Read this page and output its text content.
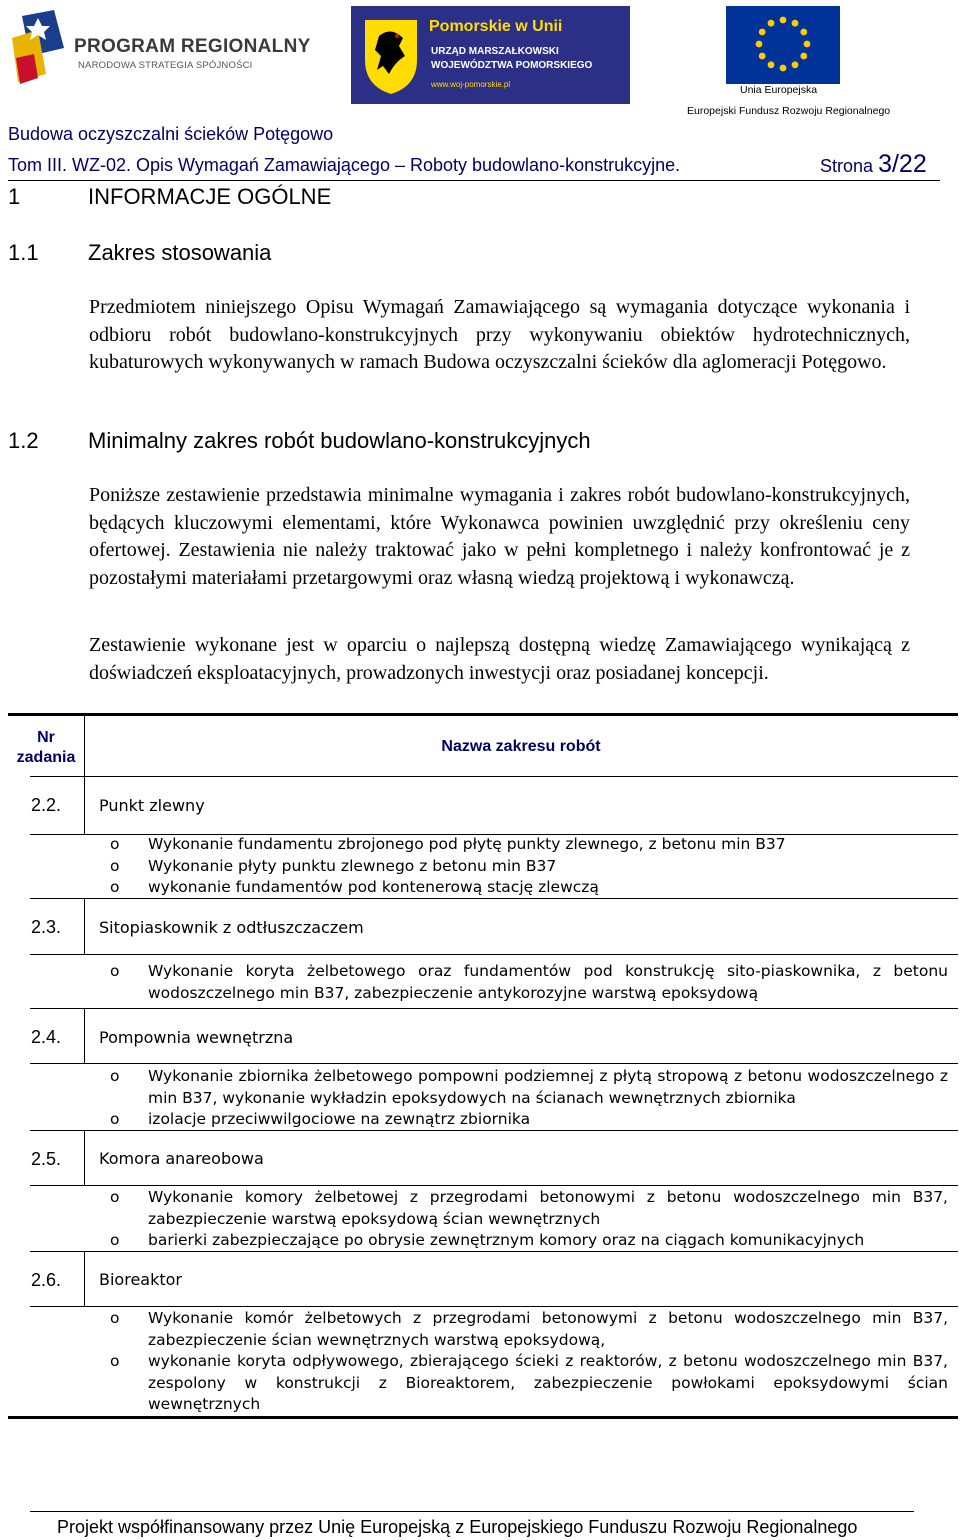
PROGRAM REGIONALNY
NARODOWA STRATEGIA SPÓJNOŚCI
Pomorskie w Unii
URZĄD MARSZAŁKOWSKI
WOJEWÓDZTWA POMORSKIEGO
www.woj-pomorskie.pl	Unia Europejska
Europejski Fundusz Rozwoju Regionalnego
Budowa oczyszczalni ścieków Potęgowo
Tom III. WZ-02. Opis Wymagań Zamawiającego – Roboty budowlano-konstrukcyjne.	Strona 3/22
1	INFORMACJE OGÓLNE
1.1 Zakres stosowania
Przedmiotem niniejszego Opisu Wymagań Zamawiającego są wymagania dotyczące wykonania i odbioru robót budowlano-konstrukcyjnych przy wykonywaniu obiektów hydrotechnicznych, kubaturowych wykonywanych w ramach Budowa oczyszczalni ścieków dla aglomeracji Potęgowo.
1.2 Minimalny zakres robót budowlano-konstrukcyjnych
Poniższe zestawienie przedstawia minimalne wymagania i zakres robót budowlano-konstrukcyjnych, będących kluczowymi elementami, które Wykonawca powinien uwzględnić przy określeniu ceny ofertowej. Zestawienia nie należy traktować jako w pełni kompletnego i należy konfrontować je z pozostałymi materiałami przetargowymi oraz własną wiedzą projektową i wykonawczą.
Zestawienie wykonane jest w oparciu o najlepszą dostępną wiedzę Zamawiającego wynikającą z doświadczeń eksploatacyjnych, prowadzonych inwestycji oraz posiadanej koncepcji.
Nr zadania
Nazwa zakresu robót
2.2.	Punkt zlewny
o Wykonanie fundamentu zbrojonego pod płytę punkty zlewnego, z betonu min B37
o Wykonanie płyty punktu zlewnego z betonu min B37
o wykonanie fundamentów pod kontenerową stację zlewczą
2.3.	Sitopiaskownik z odtłuszczaczem
o Wykonanie koryta żelbetowego oraz fundamentów pod konstrukcję sito-piaskownika, z betonu wodoszczelnego min B37, zabezpieczenie antykorozyjne warstwą epoksydową
2.4.	Pompownia wewnętrzna
o Wykonanie zbiornika żelbetowego pompowni podziemnej z płytą stropową z betonu wodoszczelnego z min B37, wykonanie wykładzin epoksydowych na ścianach wewnętrznych zbiornika
o izolacje przeciwwilgociowe na zewnątrz zbiornika
2.5.	Komora anareobowa
o Wykonanie komory żelbetowej z przegrodami betonowymi z betonu wodoszczelnego min B37, zabezpieczenie warstwą epoksydową ścian wewnętrznych
o barierki zabezpieczające po obrysie zewnętrznym komory oraz na ciągach komunikacyjnych
2.6.	Bioreaktor
o Wykonanie komór żelbetowych z przegrodami betonowymi z betonu wodoszczelnego min B37, zabezpieczenie ścian wewnętrznych warstwą epoksydową,
o wykonanie koryta odpływowego, zbierającego ścieki z reaktorów, z betonu wodoszczelnego min B37, zespolony w konstrukcji z Bioreaktorem, zabezpieczenie powłokami epoksydowymi ścian wewnętrznych
Projekt współfinansowany przez Unię Europejską z Europejskiego Funduszu Rozwoju Regionalnego
